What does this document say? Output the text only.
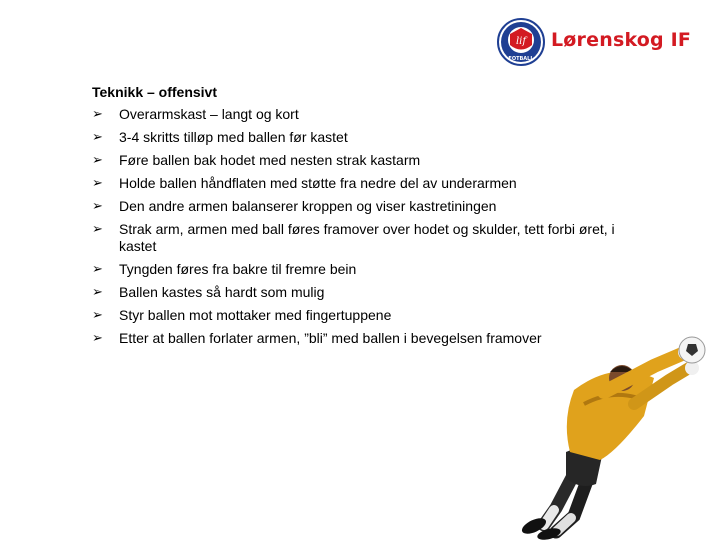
lif
FOTBALL
Lørenskog IF
Teknikk – offensivt
➢ Overarmskast – langt og kort
➢ 3-4 skritts tilløp med ballen før kastet
➢ Føre ballen bak hodet med nesten strak kastarm
➢ Holde ballen håndflaten med støtte fra nedre del av underarmen
➢ Den andre armen balanserer kroppen og viser kastretiningen
➢ Strak arm, armen med ball føres framover over hodet og skulder, tett forbi øret, i kastet
➢ Tyngden føres fra bakre til fremre bein
➢ Ballen kastes så hardt som mulig
➢ Styr ballen mot mottaker med fingertuppene
➢ Etter at ballen forlater armen, ”bli” med ballen i bevegelsen framover
